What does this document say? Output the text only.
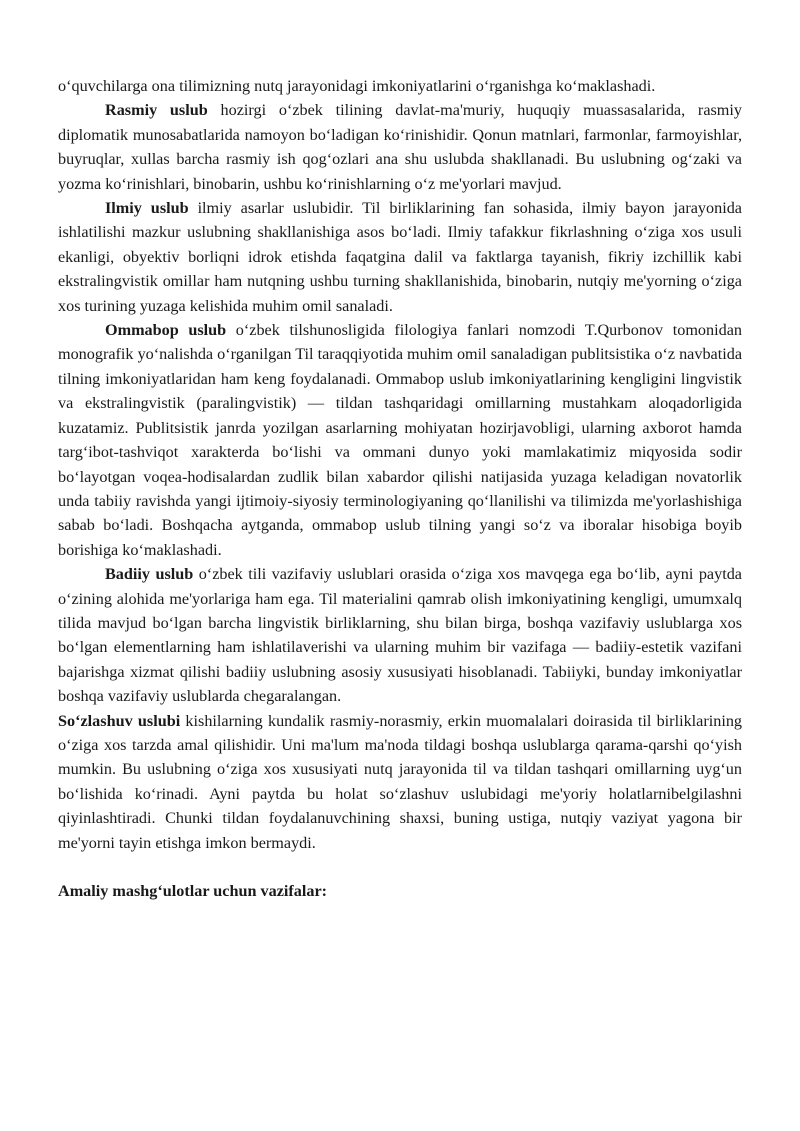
o‘quvchilarga ona tilimizning nutq jarayonidagi imkoniyatlarini o‘rganishga ko‘maklashadi.

Rasmiy uslub hozirgi o‘zbek tilining davlat-ma'muriy, huquqiy muassasalarida, rasmiy diplomatik munosabatlarida namoyon bo‘ladigan ko‘rinishidir. Qonun matnlari, farmonlar, farmoyishlar, buyruqlar, xullas barcha rasmiy ish qog‘ozlari ana shu uslubda shakllanadi. Bu uslubning og‘zaki va yozma ko‘rinishlari, binobarin, ushbu ko‘rinishlarning o‘z me'yorlari mavjud.

Ilmiy uslub ilmiy asarlar uslubidir. Til birliklarining fan sohasida, ilmiy bayon jarayonida ishlatilishi mazkur uslubning shakllanishiga asos bo‘ladi. Ilmiy tafakkur fikrlashning o‘ziga xos usuli ekanligi, obyektiv borliqni idrok etishda faqatgina dalil va faktlarga tayanish, fikriy izchillik kabi ekstralingvistik omillar ham nutqning ushbu turning shakllanishida, binobarin, nutqiy me'yorning o‘ziga xos turining yuzaga kelishida muhim omil sanaladi.

Ommabop uslub o‘zbek tilshunosligida filologiya fanlari nomzodi T.Qurbonov tomonidan monografik yo‘nalishda o‘rganilgan Til taraqqiyotida muhim omil sanaladigan publitsistika o‘z navbatida tilning imkoniyatlaridan ham keng foydalanadi. Ommabop uslub imkoniyatlarining kengligini lingvistik va ekstralingvistik (paralingvistik) — tildan tashqaridagi omillarning mustahkam aloqadorligida kuzatamiz. Publitsistik janrda yozilgan asarlarning mohiyatan hozirjavobligi, ularning axborot hamda targ‘ibot-tashviqot xarakterda bo‘lishi va ommani dunyo yoki mamlakatimiz miqyosida sodir bo‘layotgan voqea-hodisalardan zudlik bilan xabardor qilishi natijasida yuzaga keladigan novatorlik unda tabiiy ravishda yangi ijtimoiy-siyosiy terminologiyaning qo‘llanilishi va tilimizda me'yorlashishiga sabab bo‘ladi. Boshqacha aytganda, ommabop uslub tilning yangi so‘z va iboralar hisobiga boyib borishiga ko‘maklashadi.

Badiiy uslub o‘zbek tili vazifaviy uslublari orasida o‘ziga xos mavqega ega bo‘lib, ayni paytda o‘zining alohida me'yorlariga ham ega. Til materialini qamrab olish imkoniyatining kengligi, umumxalq tilida mavjud bo‘lgan barcha lingvistik birliklarning, shu bilan birga, boshqa vazifaviy uslublarga xos bo‘lgan elementlarning ham ishlatilaverishi va ularning muhim bir vazifaga — badiiy-estetik vazifani bajarishga xizmat qilishi badiiy uslubning asosiy xususiyati hisoblanadi. Tabiiyki, bunday imkoniyatlar boshqa vazifaviy uslublarda chegaralangan.

So‘zlashuv uslubi kishilarning kundalik rasmiy-norasmiy, erkin muomalalari doirasida til birliklarining o‘ziga xos tarzda amal qilishidir. Uni ma'lum ma'noda tildagi boshqa uslublarga qarama-qarshi qo‘yish mumkin. Bu uslubning o‘ziga xos xususiyati nutq jarayonida til va tildan tashqari omillarning uyg‘un bo‘lishida ko‘rinadi. Ayni paytda bu holat so‘zlashuv uslubidagi me'yoriy holatlarnibelgilashni qiyinlashtiradi. Chunki tildan foydalanuvchining shaxsi, buning ustiga, nutqiy vaziyat yagona bir me'yorni tayin etishga imkon bermaydi.

Amaliy mashg‘ulotlar uchun vazifalar:
